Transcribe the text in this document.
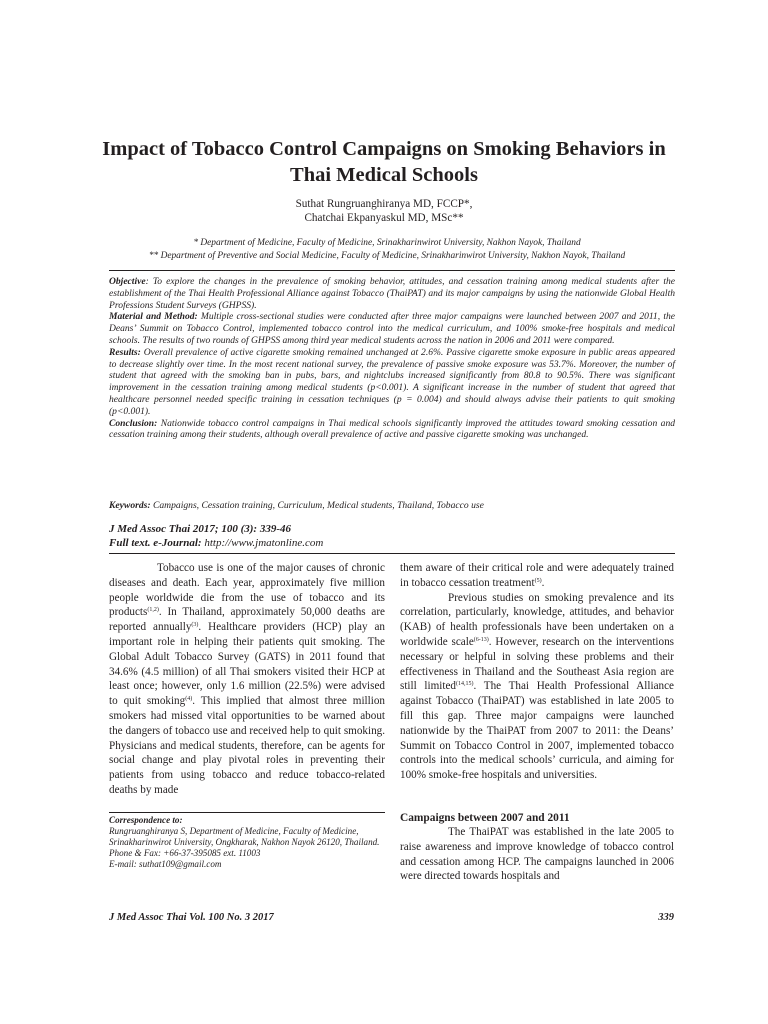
Impact of Tobacco Control Campaigns on Smoking Behaviors in Thai Medical Schools
Suthat Rungruanghiranya MD, FCCP*,
Chatchai Ekpanyaskul MD, MSc**
* Department of Medicine, Faculty of Medicine, Srinakharinwirot University, Nakhon Nayok, Thailand
** Department of Preventive and Social Medicine, Faculty of Medicine, Srinakharinwirot University, Nakhon Nayok, Thailand

Objective: To explore the changes in the prevalence of smoking behavior, attitudes, and cessation training among medical students after the establishment of the Thai Health Professional Alliance against Tobacco (ThaiPAT) and its major campaigns by using the nationwide Global Health Professions Student Surveys (GHPSS).

Material and Method: Multiple cross-sectional studies were conducted after three major campaigns were launched between 2007 and 2011, the Deans’ Summit on Tobacco Control, implemented tobacco control into the medical curriculum, and 100% smoke-free hospitals and medical schools. The results of two rounds of GHPSS among third year medical students across the nation in 2006 and 2011 were compared.

Results: Overall prevalence of active cigarette smoking remained unchanged at 2.6%. Passive cigarette smoke exposure in public areas appeared to decrease slightly over time. In the most recent national survey, the prevalence of passive smoke exposure was 53.7%. Moreover, the number of student that agreed with the smoking ban in pubs, bars, and nightclubs increased significantly from 80.8 to 90.5%. There was significant improvement in the cessation training among medical students (p<0.001). A significant increase in the number of student that agreed that healthcare personnel needed specific training in cessation techniques (p = 0.004) and should always advise their patients to quit smoking (p<0.001).

Conclusion: Nationwide tobacco control campaigns in Thai medical schools significantly improved the attitudes toward smoking cessation and cessation training among their students, although overall prevalence of active and passive cigarette smoking was unchanged.

Keywords: Campaigns, Cessation training, Curriculum, Medical students, Thailand, Tobacco use
J Med Assoc Thai 2017; 100 (3): 339-46
Full text. e-Journal: http://www.jmatonline.com

Tobacco use is one of the major causes of chronic diseases and death. Each year, approximately five million people worldwide die from the use of tobacco and its products$^{(1,2)}$. In Thailand, approximately 50,000 deaths are reported annually$^{(3)}$. Healthcare providers (HCP) play an important role in helping their patients quit smoking. The Global Adult Tobacco Survey (GATS) in 2011 found that 34.6% (4.5 million) of all Thai smokers visited their HCP at least once; however, only 1.6 million (22.5%) were advised to quit smoking$^{(4)}$. This implied that almost three million smokers had missed vital opportunities to be warned about the dangers of tobacco use and received help to quit smoking. Physicians and medical students, therefore, can be agents for social change and play pivotal roles in preventing their patients from using tobacco and reduce tobacco-related deaths by made

Correspondence to:
Rungruanghiranya S, Department of Medicine, Faculty of Medicine, Srinakharinwirot University, Ongkharak, Nakhon Nayok 26120, Thailand.
Phone & Fax: +66-37-395085 ext. 11003
E-mail: suthat109@gmail.com

them aware of their critical role and were adequately trained in tobacco cessation treatment$^{(5)}$.

Previous studies on smoking prevalence and its correlation, particularly, knowledge, attitudes, and behavior (KAB) of health professionals have been undertaken on a worldwide scale$^{(6-13)}$. However, research on the interventions necessary or helpful in solving these problems and their effectiveness in Thailand and the Southeast Asia region are still limited$^{(14,15)}$. The Thai Health Professional Alliance against Tobacco (ThaiPAT) was established in late 2005 to fill this gap. Three major campaigns were launched nationwide by the ThaiPAT from 2007 to 2011: the Deans’ Summit on Tobacco Control in 2007, implemented tobacco controls into the medical schools’ curricula, and aiming for 100% smoke-free hospitals and universities.

Campaigns between 2007 and 2011

The ThaiPAT was established in the late 2005 to raise awareness and improve knowledge of tobacco control and cessation among HCP. The campaigns launched in 2006 were directed towards hospitals and

J Med Assoc Thai Vol. 100 No. 3 2017	339
